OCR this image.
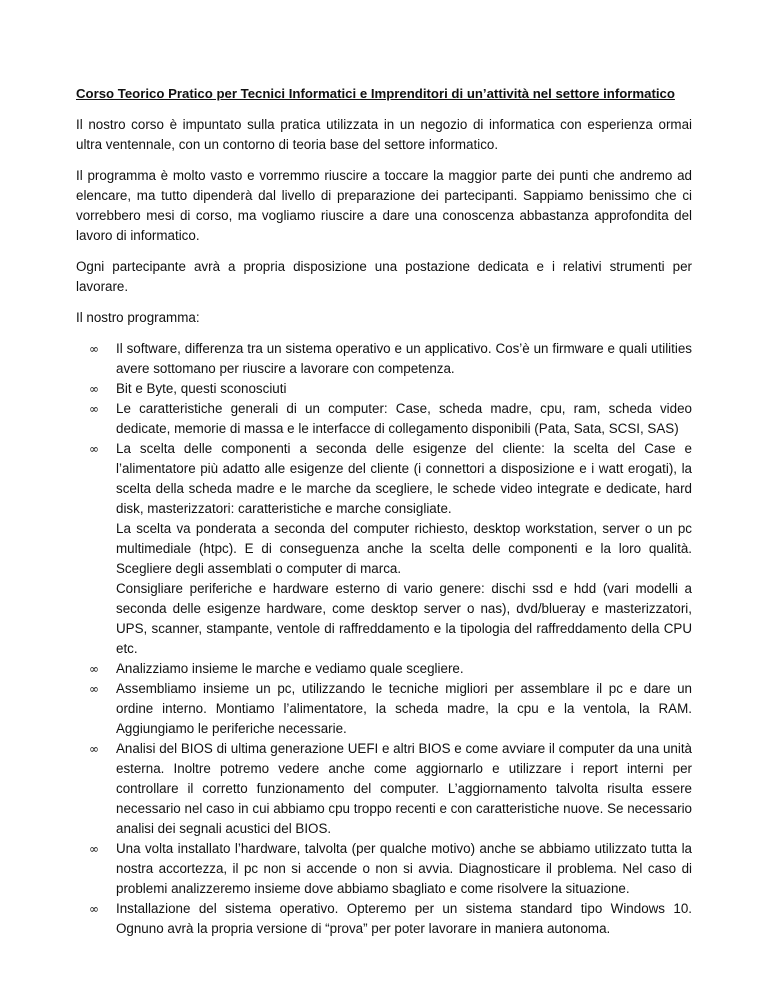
Corso Teorico Pratico per Tecnici Informatici e Imprenditori di un’attività nel settore informatico

Il nostro corso è impuntato sulla pratica utilizzata in un negozio di informatica con esperienza ormai ultra ventennale, con un contorno di teoria base del settore informatico.

Il programma è molto vasto e vorremmo riuscire a toccare la maggior parte dei punti che andremo ad elencare, ma tutto dipenderà dal livello di preparazione dei partecipanti. Sappiamo benissimo che ci vorrebbero mesi di corso, ma vogliamo riuscire a dare una conoscenza abbastanza approfondita del lavoro di informatico.

Ogni partecipante avrà a propria disposizione una postazione dedicata e i relativi strumenti per lavorare.

Il nostro programma:

∞	Il software, differenza tra un sistema operativo e un applicativo. Cos’è un firmware e quali utilities avere sottomano per riuscire a lavorare con competenza.
∞	Bit e Byte, questi sconosciuti
∞	Le caratteristiche generali di un computer: Case, scheda madre, cpu, ram, scheda video dedicate, memorie di massa e le interfacce di collegamento disponibili (Pata, Sata, SCSI, SAS)
∞	La scelta delle componenti a seconda delle esigenze del cliente: la scelta del Case e l’alimentatore più adatto alle esigenze del cliente (i connettori a disposizione e i watt erogati), la scelta della scheda madre e le marche da scegliere, le schede video integrate e dedicate, hard disk, masterizzatori: caratteristiche e marche consigliate.
La scelta va ponderata a seconda del computer richiesto, desktop workstation, server o un pc multimediale (htpc). E di conseguenza anche la scelta delle componenti e la loro qualità. Scegliere degli assemblati o computer di marca.
Consigliare periferiche e hardware esterno di vario genere: dischi ssd e hdd (vari modelli a seconda delle esigenze hardware, come desktop server o nas), dvd/blueray e masterizzatori, UPS, scanner, stampante, ventole di raffreddamento e la tipologia del raffreddamento della CPU etc.
∞	Analizziamo insieme le marche e vediamo quale scegliere.
∞	Assembliamo insieme un pc, utilizzando le tecniche migliori per assemblare il pc e dare un ordine interno. Montiamo l’alimentatore, la scheda madre, la cpu e la ventola, la RAM. Aggiungiamo le periferiche necessarie.
∞	Analisi del BIOS di ultima generazione UEFI e altri BIOS e come avviare il computer da una unità esterna. Inoltre potremo vedere anche come aggiornarlo e utilizzare i report interni per controllare il corretto funzionamento del computer. L’aggiornamento talvolta risulta essere necessario nel caso in cui abbiamo cpu troppo recenti e con caratteristiche nuove. Se necessario analisi dei segnali acustici del BIOS.
∞	Una volta installato l’hardware, talvolta (per qualche motivo) anche se abbiamo utilizzato tutta la nostra accortezza, il pc non si accende o non si avvia. Diagnosticare il problema. Nel caso di problemi analizzeremo insieme dove abbiamo sbagliato e come risolvere la situazione.
∞	Installazione del sistema operativo. Opteremo per un sistema standard tipo Windows 10. Ognuno avrà la propria versione di “prova” per poter lavorare in maniera autonoma.
